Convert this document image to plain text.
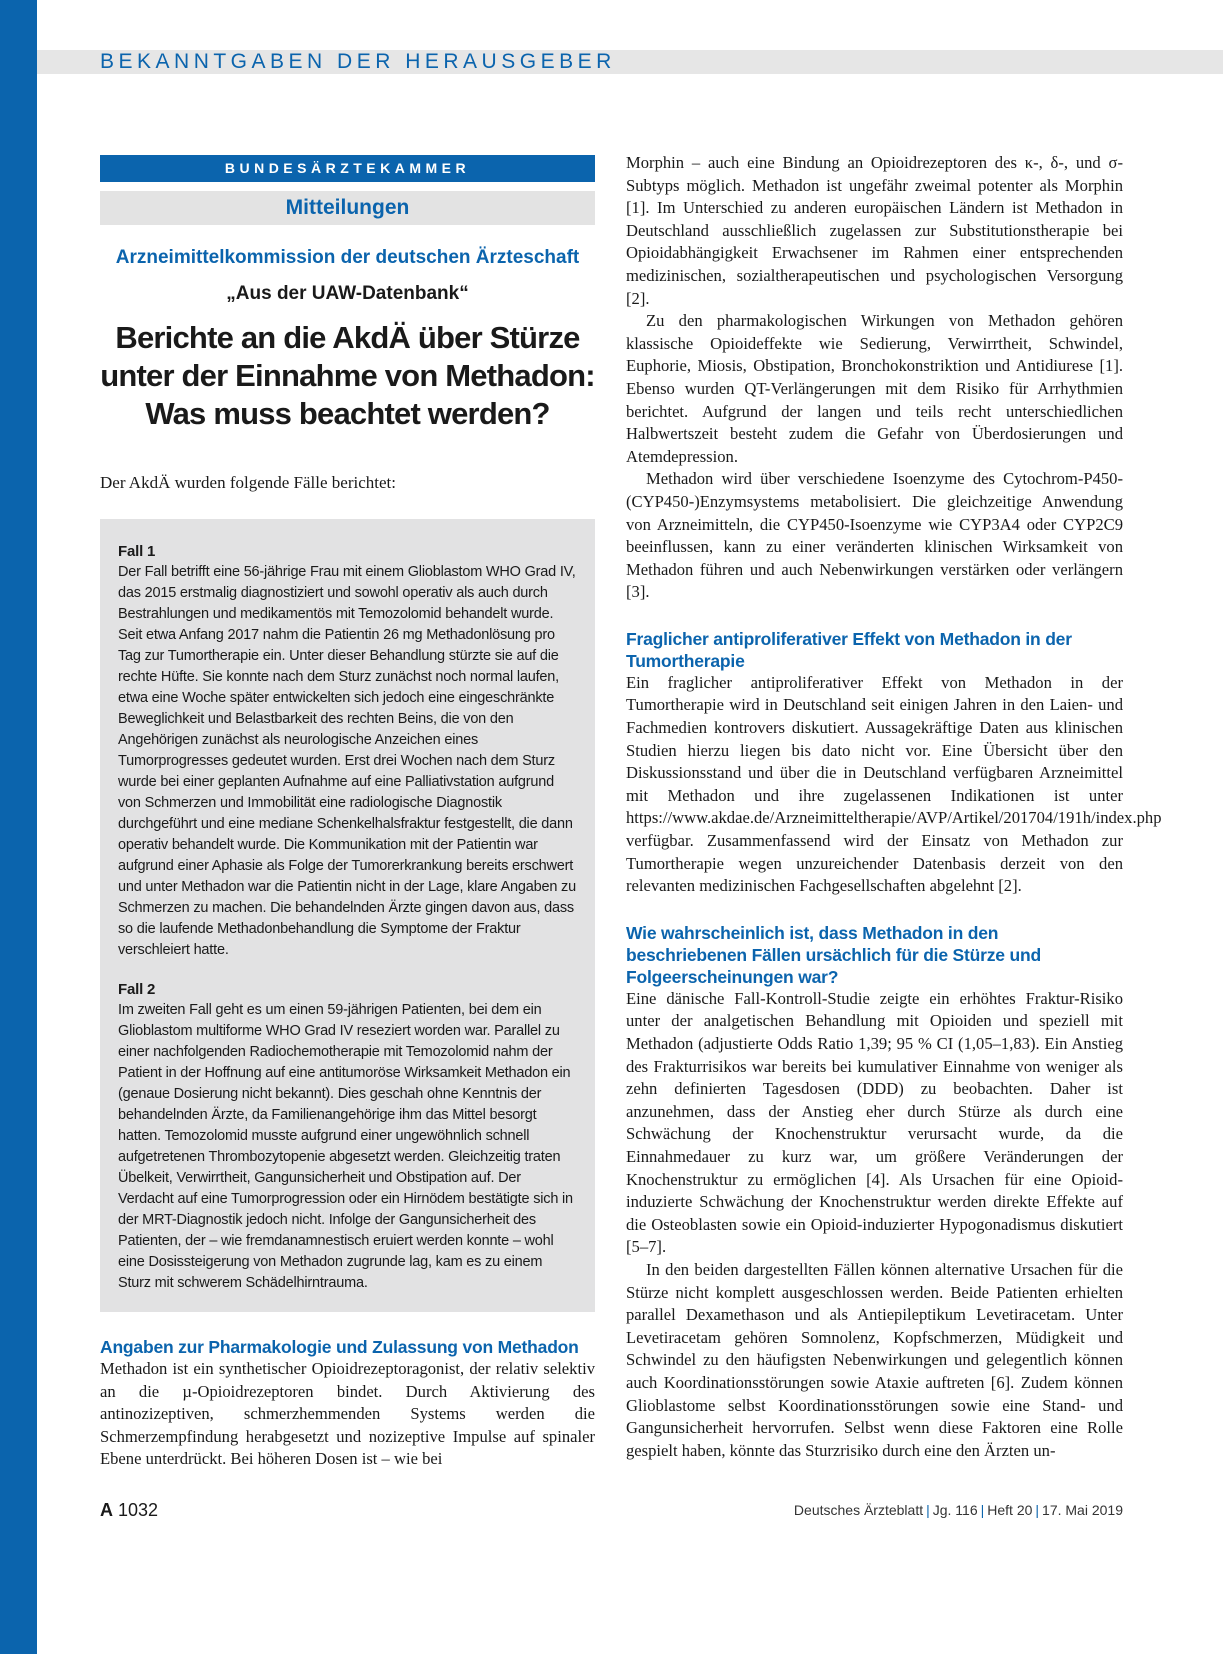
BEKANNTGABEN DER HERAUSGEBER
BUNDESÄRZTEKAMMER
Mitteilungen
Arzneimittelkommission der deutschen Ärzteschaft
„Aus der UAW-Datenbank“
Berichte an die AkdÄ über Stürze unter der Einnahme von Methadon: Was muss beachtet werden?

Der AkdÄ wurden folgende Fälle berichtet:

Fall 1

Der Fall betrifft eine 56-jährige Frau mit einem Glioblastom WHO Grad IV, das 2015 erstmalig diagnostiziert und sowohl operativ als auch durch Bestrahlungen und medikamentös mit Temozolomid behandelt wurde. Seit etwa Anfang 2017 nahm die Patientin 26 mg Methadonlösung pro Tag zur Tumortherapie ein. Unter dieser Behandlung stürzte sie auf die rechte Hüfte. Sie konnte nach dem Sturz zunächst noch normal laufen, etwa eine Woche später entwickelten sich jedoch eine eingeschränkte Beweglichkeit und Belastbarkeit des rechten Beins, die von den Angehörigen zunächst als neurologische Anzeichen eines Tumorprogresses gedeutet wurden. Erst drei Wochen nach dem Sturz wurde bei einer geplanten Aufnahme auf eine Palliativstation aufgrund von Schmerzen und Immobilität eine radiologische Diagnostik durchgeführt und eine mediane Schenkelhalsfraktur festgestellt, die dann operativ behandelt wurde. Die Kommunikation mit der Patientin war aufgrund einer Aphasie als Folge der Tumorerkrankung bereits erschwert und unter Methadon war die Patientin nicht in der Lage, klare Angaben zu Schmerzen zu machen. Die behandelnden Ärzte gingen davon aus, dass so die laufende Methadonbehandlung die Symptome der Fraktur verschleiert hatte.

Fall 2

Im zweiten Fall geht es um einen 59-jährigen Patienten, bei dem ein Glioblastom multiforme WHO Grad IV reseziert worden war. Parallel zu einer nachfolgenden Radiochemotherapie mit Temozolomid nahm der Patient in der Hoffnung auf eine antitumoröse Wirksamkeit Methadon ein (genaue Dosierung nicht bekannt). Dies geschah ohne Kenntnis der behandelnden Ärzte, da Familienangehörige ihm das Mittel besorgt hatten. Temozolomid musste aufgrund einer ungewöhnlich schnell aufgetretenen Thrombozytopenie abgesetzt werden. Gleichzeitig traten Übelkeit, Verwirrtheit, Gangunsicherheit und Obstipation auf. Der Verdacht auf eine Tumorprogression oder ein Hirnödem bestätigte sich in der MRT-Diagnostik jedoch nicht. Infolge der Gangunsicherheit des Patienten, der – wie fremdanamnestisch eruiert werden konnte – wohl eine Dosissteigerung von Methadon zugrunde lag, kam es zu einem Sturz mit schwerem Schädelhirntrauma.

Angaben zur Pharmakologie und Zulassung von Methadon

Methadon ist ein synthetischer Opioidrezeptoragonist, der relativ selektiv an die µ-Opioidrezeptoren bindet. Durch Aktivierung des antinozizeptiven, schmerzhemmenden Systems werden die Schmerzempfindung herabgesetzt und nozizeptive Impulse auf spinaler Ebene unterdrückt. Bei höheren Dosen ist – wie bei

Morphin – auch eine Bindung an Opioidrezeptoren des κ-, δ-, und σ-Subtyps möglich. Methadon ist ungefähr zweimal potenter als Morphin [1]. Im Unterschied zu anderen europäischen Ländern ist Methadon in Deutschland ausschließlich zugelassen zur Substitutionstherapie bei Opioidabhängigkeit Erwachsener im Rahmen einer entsprechenden medizinischen, sozialtherapeutischen und psychologischen Versorgung [2].

Zu den pharmakologischen Wirkungen von Methadon gehören klassische Opioideffekte wie Sedierung, Verwirrtheit, Schwindel, Euphorie, Miosis, Obstipation, Bronchokonstriktion und Antidiurese [1]. Ebenso wurden QT-Verlängerungen mit dem Risiko für Arrhythmien berichtet. Aufgrund der langen und teils recht unterschiedlichen Halbwertszeit besteht zudem die Gefahr von Überdosierungen und Atemdepression.

Methadon wird über verschiedene Isoenzyme des Cytochrom-P450-(CYP450-)Enzymsystems metabolisiert. Die gleichzeitige Anwendung von Arzneimitteln, die CYP450-Isoenzyme wie CYP3A4 oder CYP2C9 beeinflussen, kann zu einer veränderten klinischen Wirksamkeit von Methadon führen und auch Nebenwirkungen verstärken oder verlängern [3].

Fraglicher antiproliferativer Effekt von Methadon in der Tumortherapie

Ein fraglicher antiproliferativer Effekt von Methadon in der Tumortherapie wird in Deutschland seit einigen Jahren in den Laien- und Fachmedien kontrovers diskutiert. Aussagekräftige Daten aus klinischen Studien hierzu liegen bis dato nicht vor. Eine Übersicht über den Diskussionsstand und über die in Deutschland verfügbaren Arzneimittel mit Methadon und ihre zugelassenen Indikationen ist unter https://www.akdae.de/Arzneimitteltherapie/AVP/Artikel/201704/191h/index.php verfügbar. Zusammenfassend wird der Einsatz von Methadon zur Tumortherapie wegen unzureichender Datenbasis derzeit von den relevanten medizinischen Fachgesellschaften abgelehnt [2].

Wie wahrscheinlich ist, dass Methadon in den beschriebenen Fällen ursächlich für die Stürze und Folgeerscheinungen war?

Eine dänische Fall-Kontroll-Studie zeigte ein erhöhtes Fraktur-Risiko unter der analgetischen Behandlung mit Opioiden und speziell mit Methadon (adjustierte Odds Ratio 1,39; 95 % CI (1,05–1,83). Ein Anstieg des Frakturrisikos war bereits bei kumulativer Einnahme von weniger als zehn definierten Tagesdosen (DDD) zu beobachten. Daher ist anzunehmen, dass der Anstieg eher durch Stürze als durch eine Schwächung der Knochenstruktur verursacht wurde, da die Einnahmedauer zu kurz war, um größere Veränderungen der Knochenstruktur zu ermöglichen [4]. Als Ursachen für eine Opioid-induzierte Schwächung der Knochenstruktur werden direkte Effekte auf die Osteoblasten sowie ein Opioid-induzierter Hypogonadismus diskutiert [5–7].

In den beiden dargestellten Fällen können alternative Ursachen für die Stürze nicht komplett ausgeschlossen werden. Beide Patienten erhielten parallel Dexamethason und als Antiepileptikum Levetiracetam. Unter Levetiracetam gehören Somnolenz, Kopfschmerzen, Müdigkeit und Schwindel zu den häufigsten Nebenwirkungen und gelegentlich können auch Koordinationsstörungen sowie Ataxie auftreten [6]. Zudem können Glioblastome selbst Koordinationsstörungen sowie eine Stand- und Gangunsicherheit hervorrufen. Selbst wenn diese Faktoren eine Rolle gespielt haben, könnte das Sturzrisiko durch eine den Ärzten un-

A 1032	Deutsches Ärzteblatt | Jg. 116 | Heft 20 | 17. Mai 2019
